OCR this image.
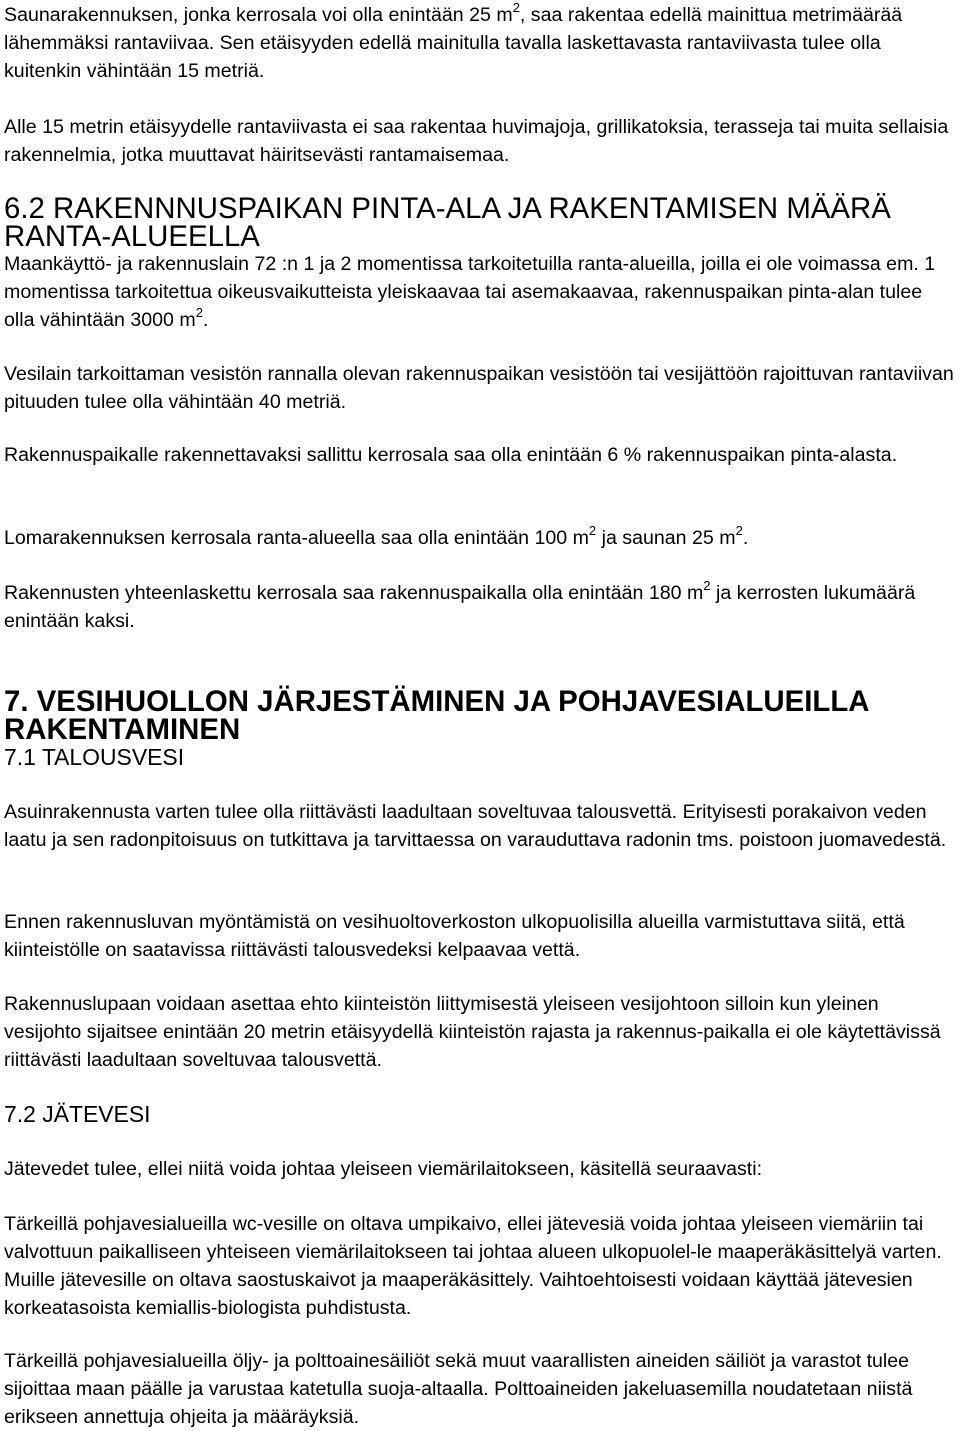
Saunarakennuksen, jonka kerrosala voi olla enintään 25 $m^2$, saa rakentaa edellä mainittua metrimäärää lähemmäksi rantaviivaa. Sen etäisyyden edellä mainitulla tavalla laskettavasta rantaviivasta tulee olla kuitenkin vähintään 15 metriä.

Alle 15 metrin etäisyydelle rantaviivasta ei saa rakentaa huvimajoja, grillikatoksia, terasseja tai muita sellaisia rakennelmia, jotka muuttavat häiritsevästi rantamaisemaa.

6.2 RAKENNNUSPAIKAN PINTA-ALA JA RAKENTAMISEN MÄÄRÄ RANTA-ALUEELLA

Maankäyttö- ja rakennuslain 72 :n 1 ja 2 momentissa tarkoitetuilla ranta-alueilla, joilla ei ole voimassa em. 1 momentissa tarkoitettua oikeusvaikutteista yleiskaavaa tai asemakaavaa, rakennuspaikan pinta-alan tulee olla vähintään 3000 $m^2$.

Vesilain tarkoittaman vesistön rannalla olevan rakennuspaikan vesistöön tai vesijättöön rajoittuvan rantaviivan pituuden tulee olla vähintään 40 metriä.

Rakennuspaikalle rakennettavaksi sallittu kerrosala saa olla enintään 6 % rakennuspaikan pinta-alasta.

Lomarakennuksen kerrosala ranta-alueella saa olla enintään 100 $m^2$ ja saunan 25 $m^2$.

Rakennusten yhteenlaskettu kerrosala saa rakennuspaikalla olla enintään 180 $m^2$ ja kerrosten lukumäärä enintään kaksi.

7. VESIHUOLLON JÄRJESTÄMINEN JA POHJAVESIALUEILLA RAKENTAMINEN
7.1 TALOUSVESI

Asuinrakennusta varten tulee olla riittävästi laadultaan soveltuvaa talousvettä. Erityisesti porakaivon veden laatu ja sen radonpitoisuus on tutkittava ja tarvittaessa on varauduttava radonin tms. poistoon juomavedestä.

Ennen rakennusluvan myöntämistä on vesihuoltoverkoston ulkopuolisilla alueilla varmistuttava siitä, että kiinteistölle on saatavissa riittävästi talousvedeksi kelpaavaa vettä.

Rakennuslupaan voidaan asettaa ehto kiinteistön liittymisestä yleiseen vesijohtoon silloin kun yleinen vesijohto sijaitsee enintään 20 metrin etäisyydellä kiinteistön rajasta ja rakennus-paikalla ei ole käytettävissä riittävästi laadultaan soveltuvaa talousvettä.

7.2 JÄTEVESI

Jätevedet tulee, ellei niitä voida johtaa yleiseen viemärilaitokseen, käsitellä seuraavasti:

Tärkeillä pohjavesialueilla wc-vesille on oltava umpikaivo, ellei jätevesiä voida johtaa yleiseen viemäriin tai valvottuun paikalliseen yhteiseen viemärilaitokseen tai johtaa alueen ulkopuolel-le maaperäkäsittelyä varten. Muille jätevesille on oltava saostuskaivot ja maaperäkäsittely. Vaihtoehtoisesti voidaan käyttää jätevesien korkeatasoista kemiallis-biologista puhdistusta.

Tärkeillä pohjavesialueilla öljy- ja polttoainesäiliöt sekä muut vaarallisten aineiden säiliöt ja varastot tulee sijoittaa maan päälle ja varustaa katetulla suoja-altaalla. Polttoaineiden jakeluasemilla noudatetaan niistä erikseen annettuja ohjeita ja määräyksiä.
